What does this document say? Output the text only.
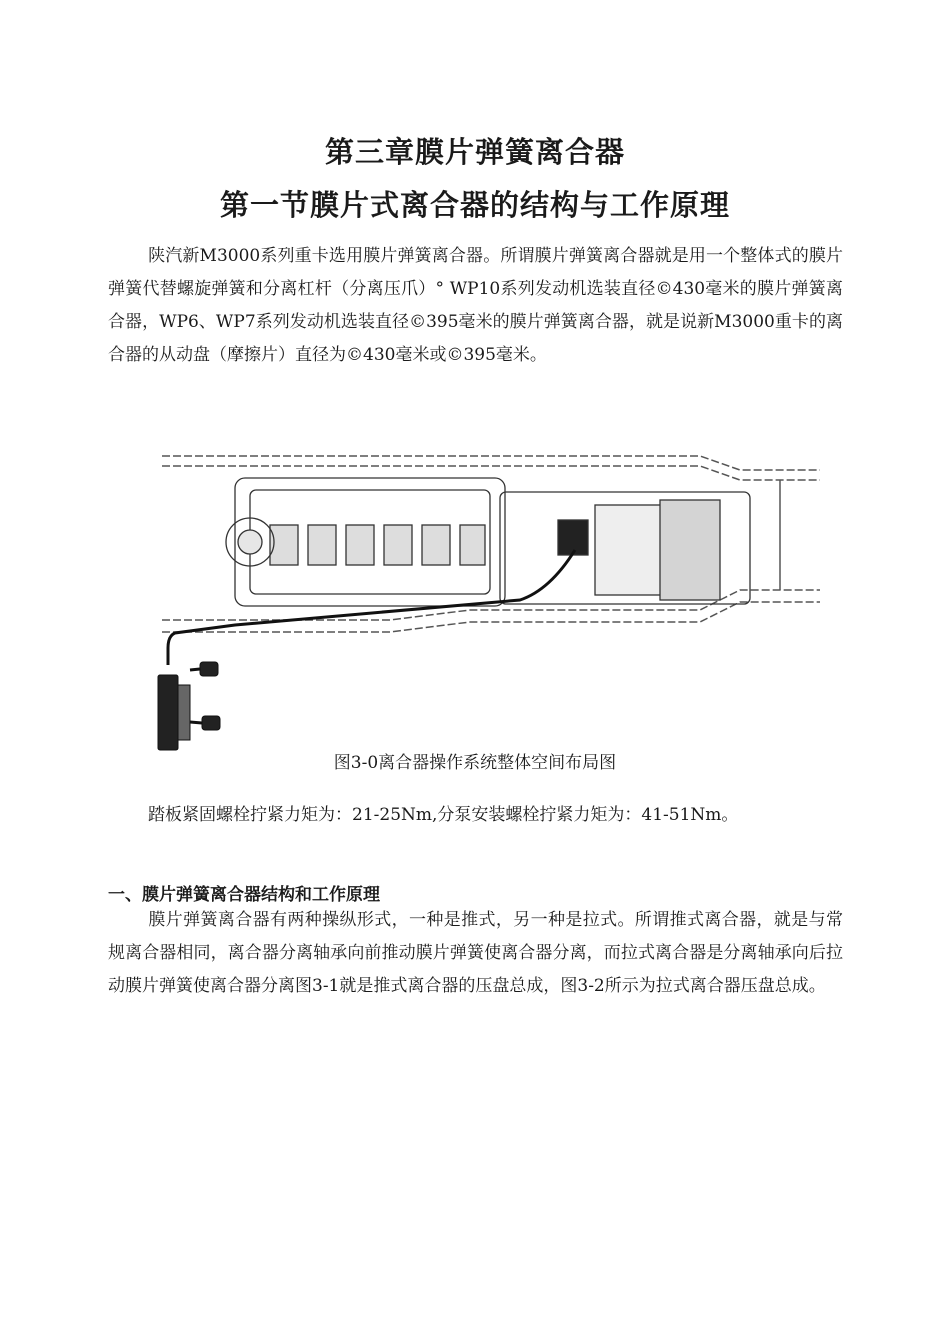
第三章膜片弹簧离合器
第一节膜片式离合器的结构与工作原理

陕汽新M3000系列重卡选用膜片弹簧离合器。所谓膜片弹簧离合器就是用一个整体式的膜片弹簧代替螺旋弹簧和分离杠杆（分离压爪）° WP10系列发动机选装直径©430毫米的膜片弹簧离合器，WP6、WP7系列发动机选装直径©395毫米的膜片弹簧离合器，就是说新M3000重卡的离合器的从动盘（摩擦片）直径为©430毫米或©395毫米。

图3-0离合器操作系统整体空间布局图

踏板紧固螺栓拧紧力矩为：21-25Nm,分泵安装螺栓拧紧力矩为：41-51Nm。

一、膜片弹簧离合器结构和工作原理

膜片弹簧离合器有两种操纵形式，一种是推式，另一种是拉式。所谓推式离合器，就是与常规离合器相同，离合器分离轴承向前推动膜片弹簧使离合器分离，而拉式离合器是分离轴承向后拉动膜片弹簧使离合器分离图3-1就是推式离合器的压盘总成，图3-2所示为拉式离合器压盘总成。
